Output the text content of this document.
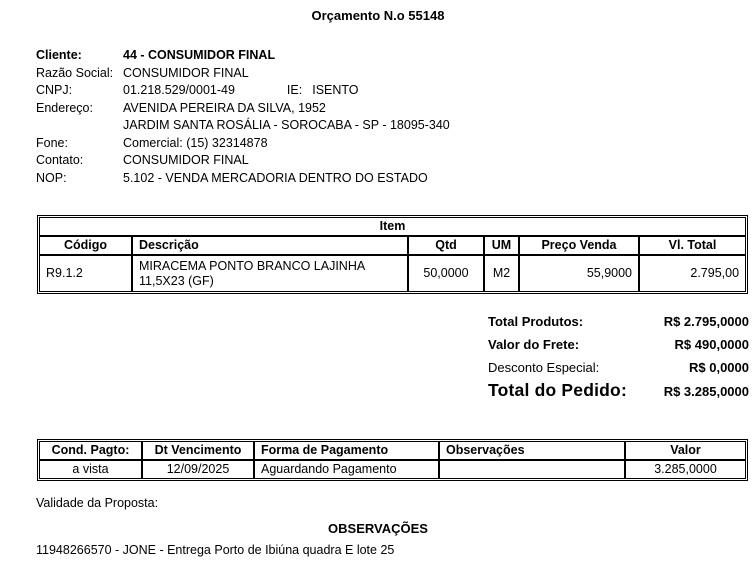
Orçamento N.o 55148
Cliente:	44 - CONSUMIDOR FINAL
Razão Social: CONSUMIDOR FINAL
CNPJ:	01.218.529/0001-49	IE: ISENTO
Endereço:	AVENIDA PEREIRA DA SILVA, 1952
JARDIM SANTA ROSÁLIA - SOROCABA - SP - 18095-340
Fone:	Comercial: (15) 32314878
Contato:	CONSUMIDOR FINAL
NOP:	5.102 - VENDA MERCADORIA DENTRO DO ESTADO
Item					
Código	Descrição	Qtd	UM	Preço Venda	Vl. Total
R9.1.2	MIRACEMA PONTO BRANCO LAJINHA 11,5X23 (GF)	50,0000	M2	55,9000	2.795,00
Total Produtos:	R$ 2.795,0000
Valor do Frete:	R$ 490,0000
Desconto Especial:	R$ 0,0000
Total do Pedido:	R$ 3.285,0000
Cond. Pagto:	Dt Vencimento	Forma de Pagamento	Observações	Valor
a vista	12/09/2025	Aguardando Pagamento		3.285,0000
Validade da Proposta:
OBSERVAÇÕES
11948266570 - JONE - Entrega Porto de Ibiúna quadra E lote 25
